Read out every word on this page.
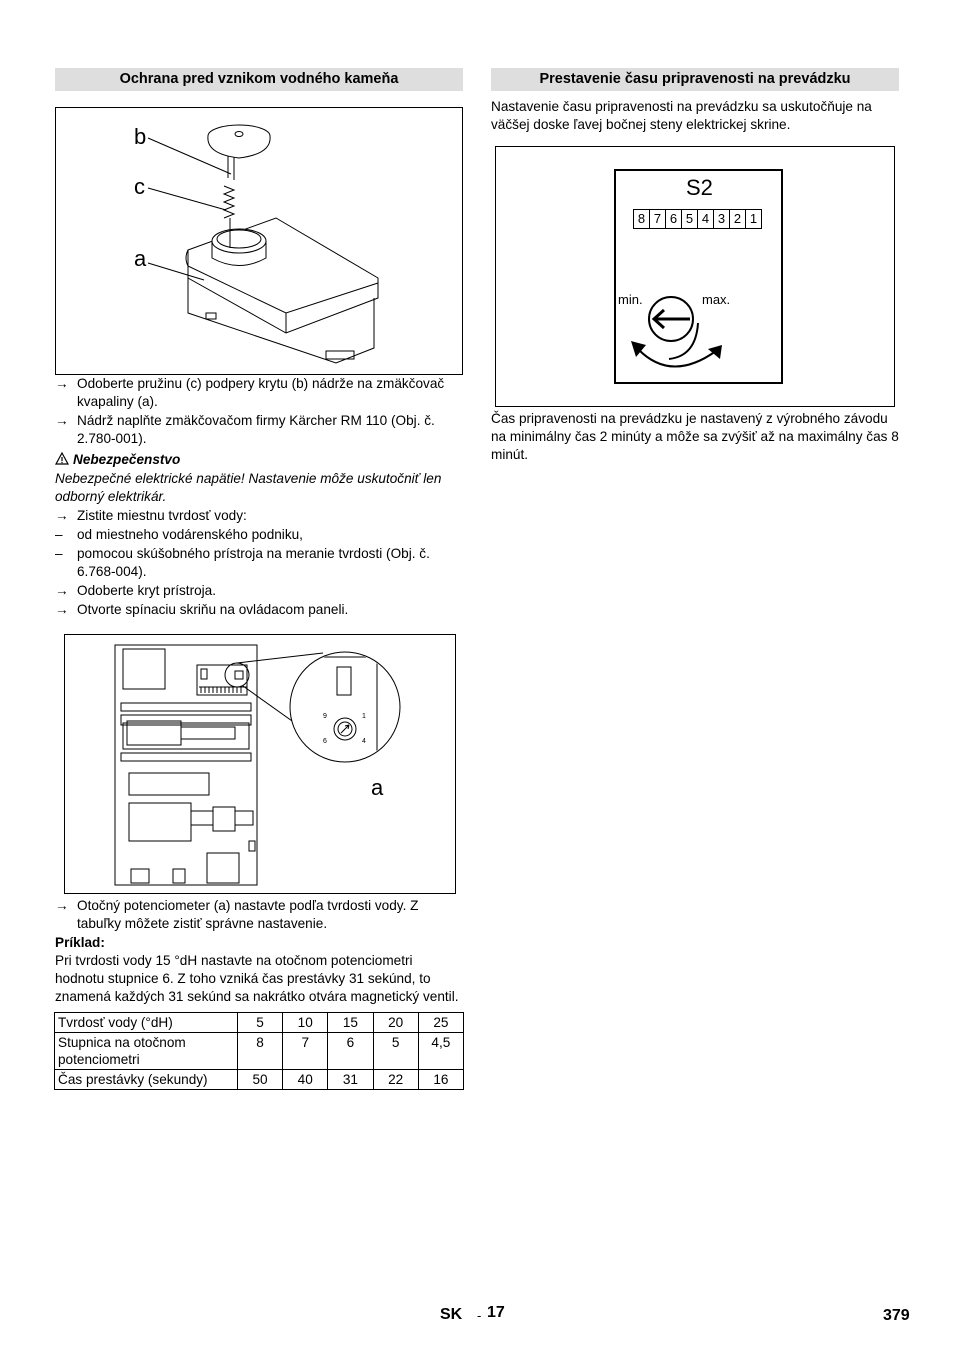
Ochrana pred vznikom vodného kameňa
b
c
a
→ Odoberte pružinu (c) podpery krytu (b) nádrže na zmäkčovač kvapaliny (a).
→ Nádrž naplňte zmäkčovačom firmy Kärcher RM 110 (Obj. č. 2.780-001).
Nebezpečenstvo
Nebezpečné elektrické napätie! Nastavenie môže uskutočniť len odborný elektrikár.
→ Zistite miestnu tvrdosť vody:
– od miestneho vodárenského podniku,
– pomocou skúšobného prístroja na meranie tvrdosti (Obj. č. 6.768-004).
→ Odoberte kryt prístroja.
→ Otvorte spínaciu skriňu na ovládacom paneli.
9	1
6	4
a
→ Otočný potenciometer (a) nastavte podľa tvrdosti vody. Z tabuľky môžete zistiť správne nastavenie.
Príklad:
Pri tvrdosti vody 15 °dH nastavte na otočnom potenciometri hodnotu stupnice 6. Z toho vzniká čas prestávky 31 sekúnd, to znamená každých 31 sekúnd sa nakrátko otvára magnetický ventil.
Tvrdosť vody (°dH)	5	10	15	20	25
Stupnica na otočnom potenciometri	8	7	6	5	4,5
Čas prestávky (sekundy)	50	40	31	22	16
Prestavenie času pripravenosti na prevádzku
Nastavenie času pripravenosti na prevádzku sa uskutočňuje na väčšej doske ľavej bočnej steny elektrickej skrine.
S2
8 7 6 5 4 3 2 1
min.	max.
Čas pripravenosti na prevádzku je nastavený z výrobného závodu na minimálny čas 2 minúty a môže sa zvýšiť až na maximálny čas 8 minút.
SK - 17	379
